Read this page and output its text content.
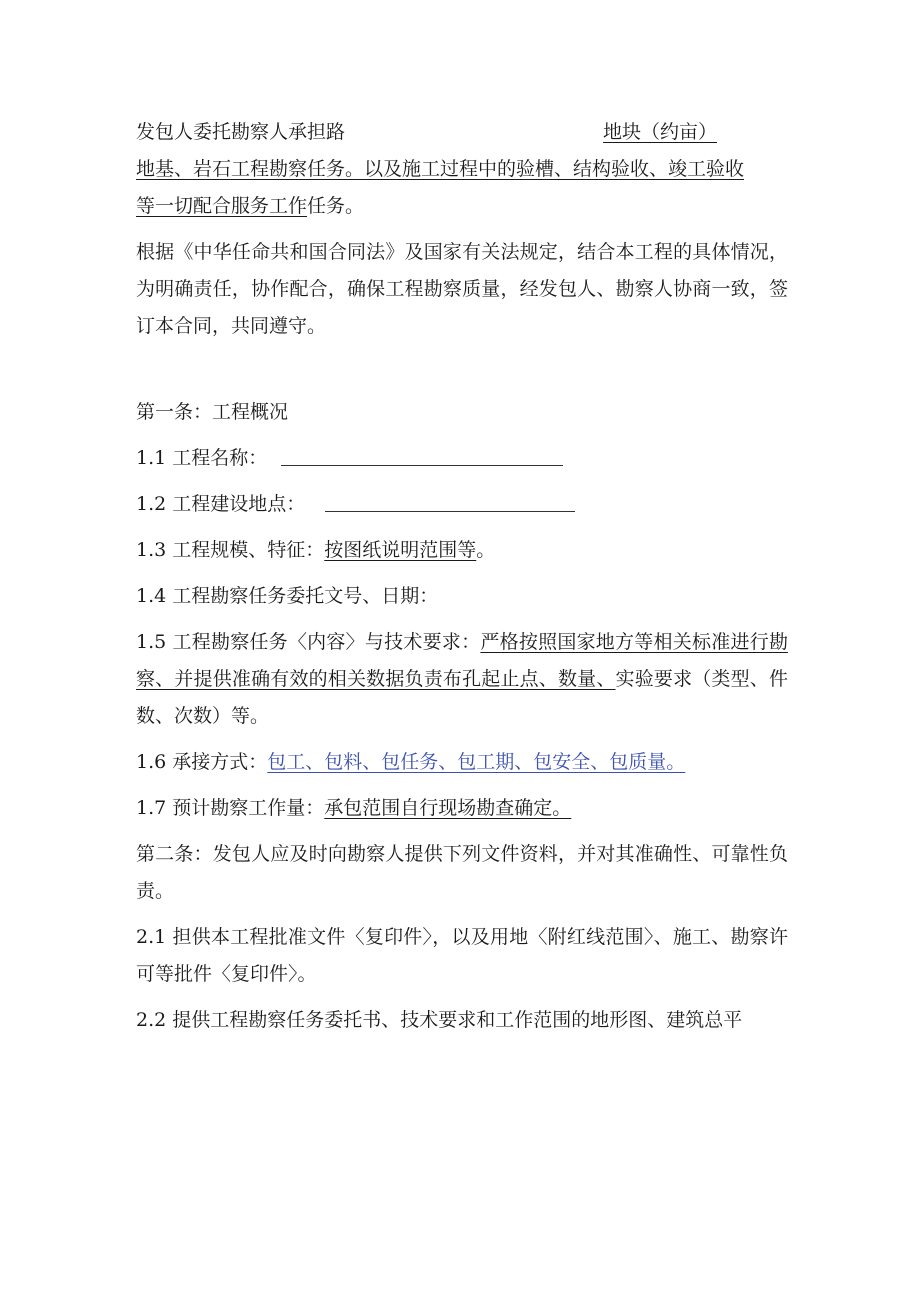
发包人委托勘察人承担路	地块（约亩）
地基、岩石工程勘察任务。以及施工过程中的验槽、结构验收、竣工验收
等一切配合服务工作任务。

根据《中华任命共和国合同法》及国家有关法规定，结合本工程的具体情况，为明确责任，协作配合，确保工程勘察质量，经发包人、勘察人协商一致，签订本合同，共同遵守。

第一条：工程概况

1.1 工程名称：

1.2 工程建设地点：

1.3 工程规模、特征：按图纸说明范围等。

1.4 工程勘察任务委托文号、日期：

1.5 工程勘察任务〈内容〉与技术要求：严格按照国家地方等相关标准进行勘察、并提供准确有效的相关数据负责布孔起止点、数量、实验要求（类型、件数、次数）等。

1.6 承接方式：包工、包料、包任务、包工期、包安全、包质量。

1.7 预计勘察工作量：承包范围自行现场勘查确定。

第二条：发包人应及时向勘察人提供下列文件资料，并对其准确性、可靠性负责。

2.1 担供本工程批准文件〈复印件〉，以及用地〈附红线范围〉、施工、勘察许可等批件〈复印件〉。

2.2 提供工程勘察任务委托书、技术要求和工作范围的地形图、建筑总平
